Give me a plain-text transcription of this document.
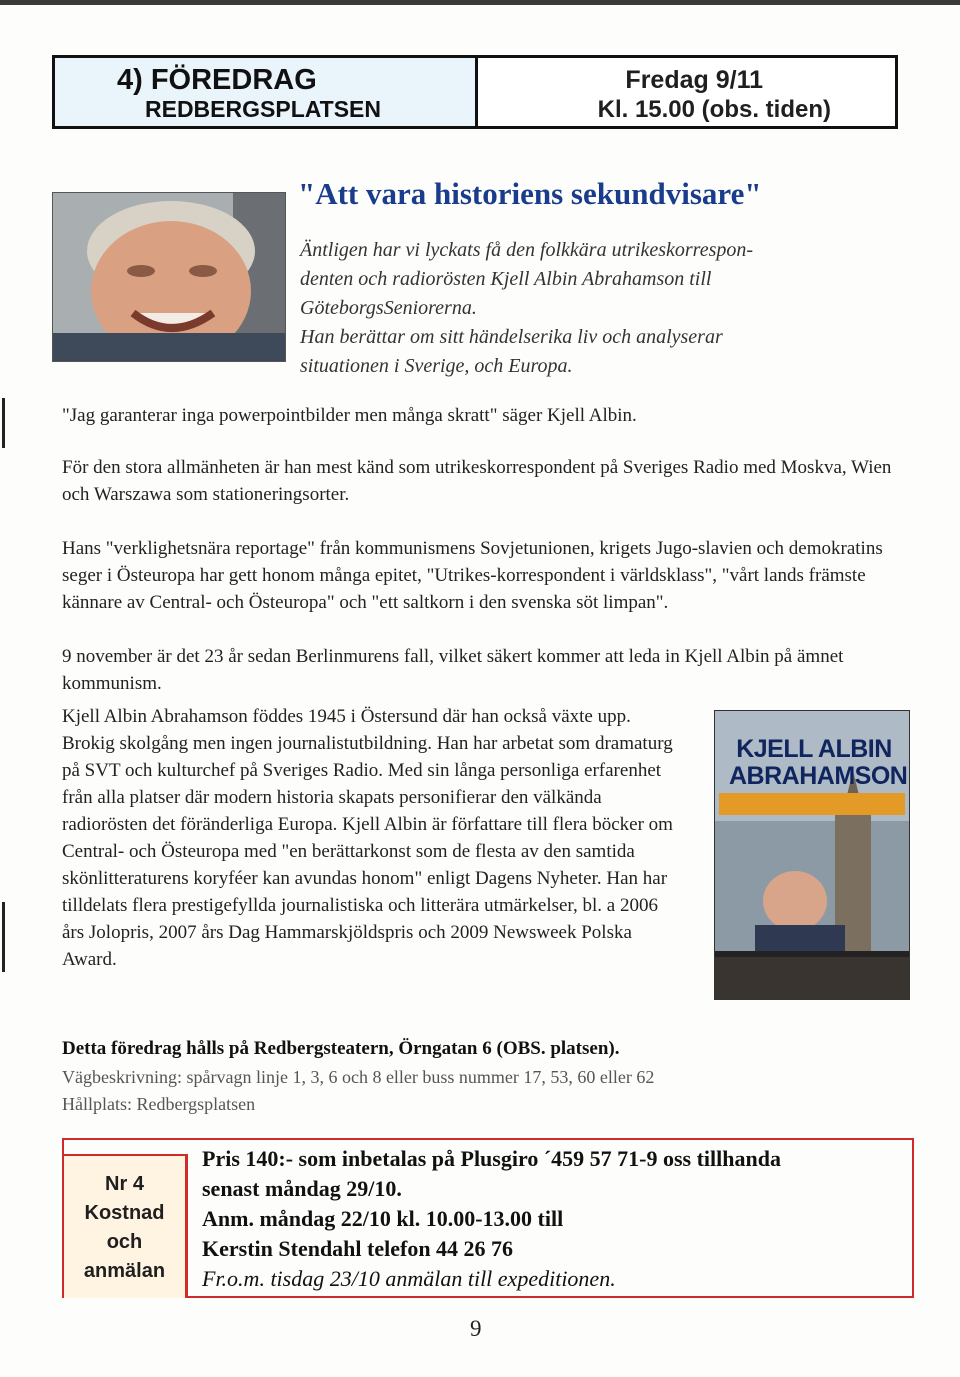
4) FÖREDRAG
REDBERGSPLATSEN
Fredag 9/11
Kl. 15.00 (obs. tiden)
"Att vara historiens sekundvisare"
Äntligen har vi lyckats få den folkkära utrikeskorrespon-
denten och radiorösten Kjell Albin Abrahamson till
GöteborgsSeniorerna.
Han berättar om sitt händelserika liv och analyserar
situationen i Sverige, och Europa.
"Jag garanterar inga powerpointbilder men många skratt" säger Kjell Albin.
För den stora allmänheten är han mest känd som utrikeskorrespondent på Sveriges Radio med Moskva, Wien och Warszawa som stationeringsorter.
Hans "verklighetsnära reportage" från kommunismens Sovjetunionen, krigets Jugo-slavien och demokratins seger i Östeuropa har gett honom många epitet, "Utrikes-korrespondent i världsklass", "vårt lands främste kännare av Central- och Östeuropa" och "ett saltkorn i den svenska söt limpan".
9 november är det 23 år sedan Berlinmurens fall, vilket säkert kommer att leda in Kjell Albin på ämnet kommunism.
Kjell Albin Abrahamson föddes 1945 i Östersund där han också växte upp. Brokig skolgång men ingen journalistutbildning. Han har arbetat som dramaturg på SVT och kulturchef på Sveriges Radio. Med sin långa personliga erfarenhet från alla platser där modern historia skapats personifierar den välkända radiorösten det föränderliga Europa. Kjell Albin är författare till flera böcker om Central- och Östeuropa med "en berättarkonst som de flesta av den samtida skönlitteraturens koryféer kan avundas honom" enligt Dagens Nyheter. Han har tilldelats flera prestigefyllda journalistiska och litterära utmärkelser, bl. a 2006 års Jolopris, 2007 års Dag Hammarskjöldspris och 2009 Newsweek Polska Award.
KJELL ALBIN ABRAHAMSON
Detta föredrag hålls på Redbergsteatern, Örngatan 6 (OBS. platsen).
Vägbeskrivning: spårvagn linje 1, 3, 6 och 8 eller buss nummer 17, 53, 60 eller 62
Hållplats: Redbergsplatsen
Nr 4
Kostnad
och
anmälan
Pris 140:- som inbetalas på Plusgiro ´459 57 71-9 oss tillhanda
senast måndag 29/10.
Anm. måndag 22/10 kl. 10.00-13.00 till
Kerstin Stendahl telefon 44 26 76
Fr.o.m. tisdag 23/10 anmälan till expeditionen.
9
